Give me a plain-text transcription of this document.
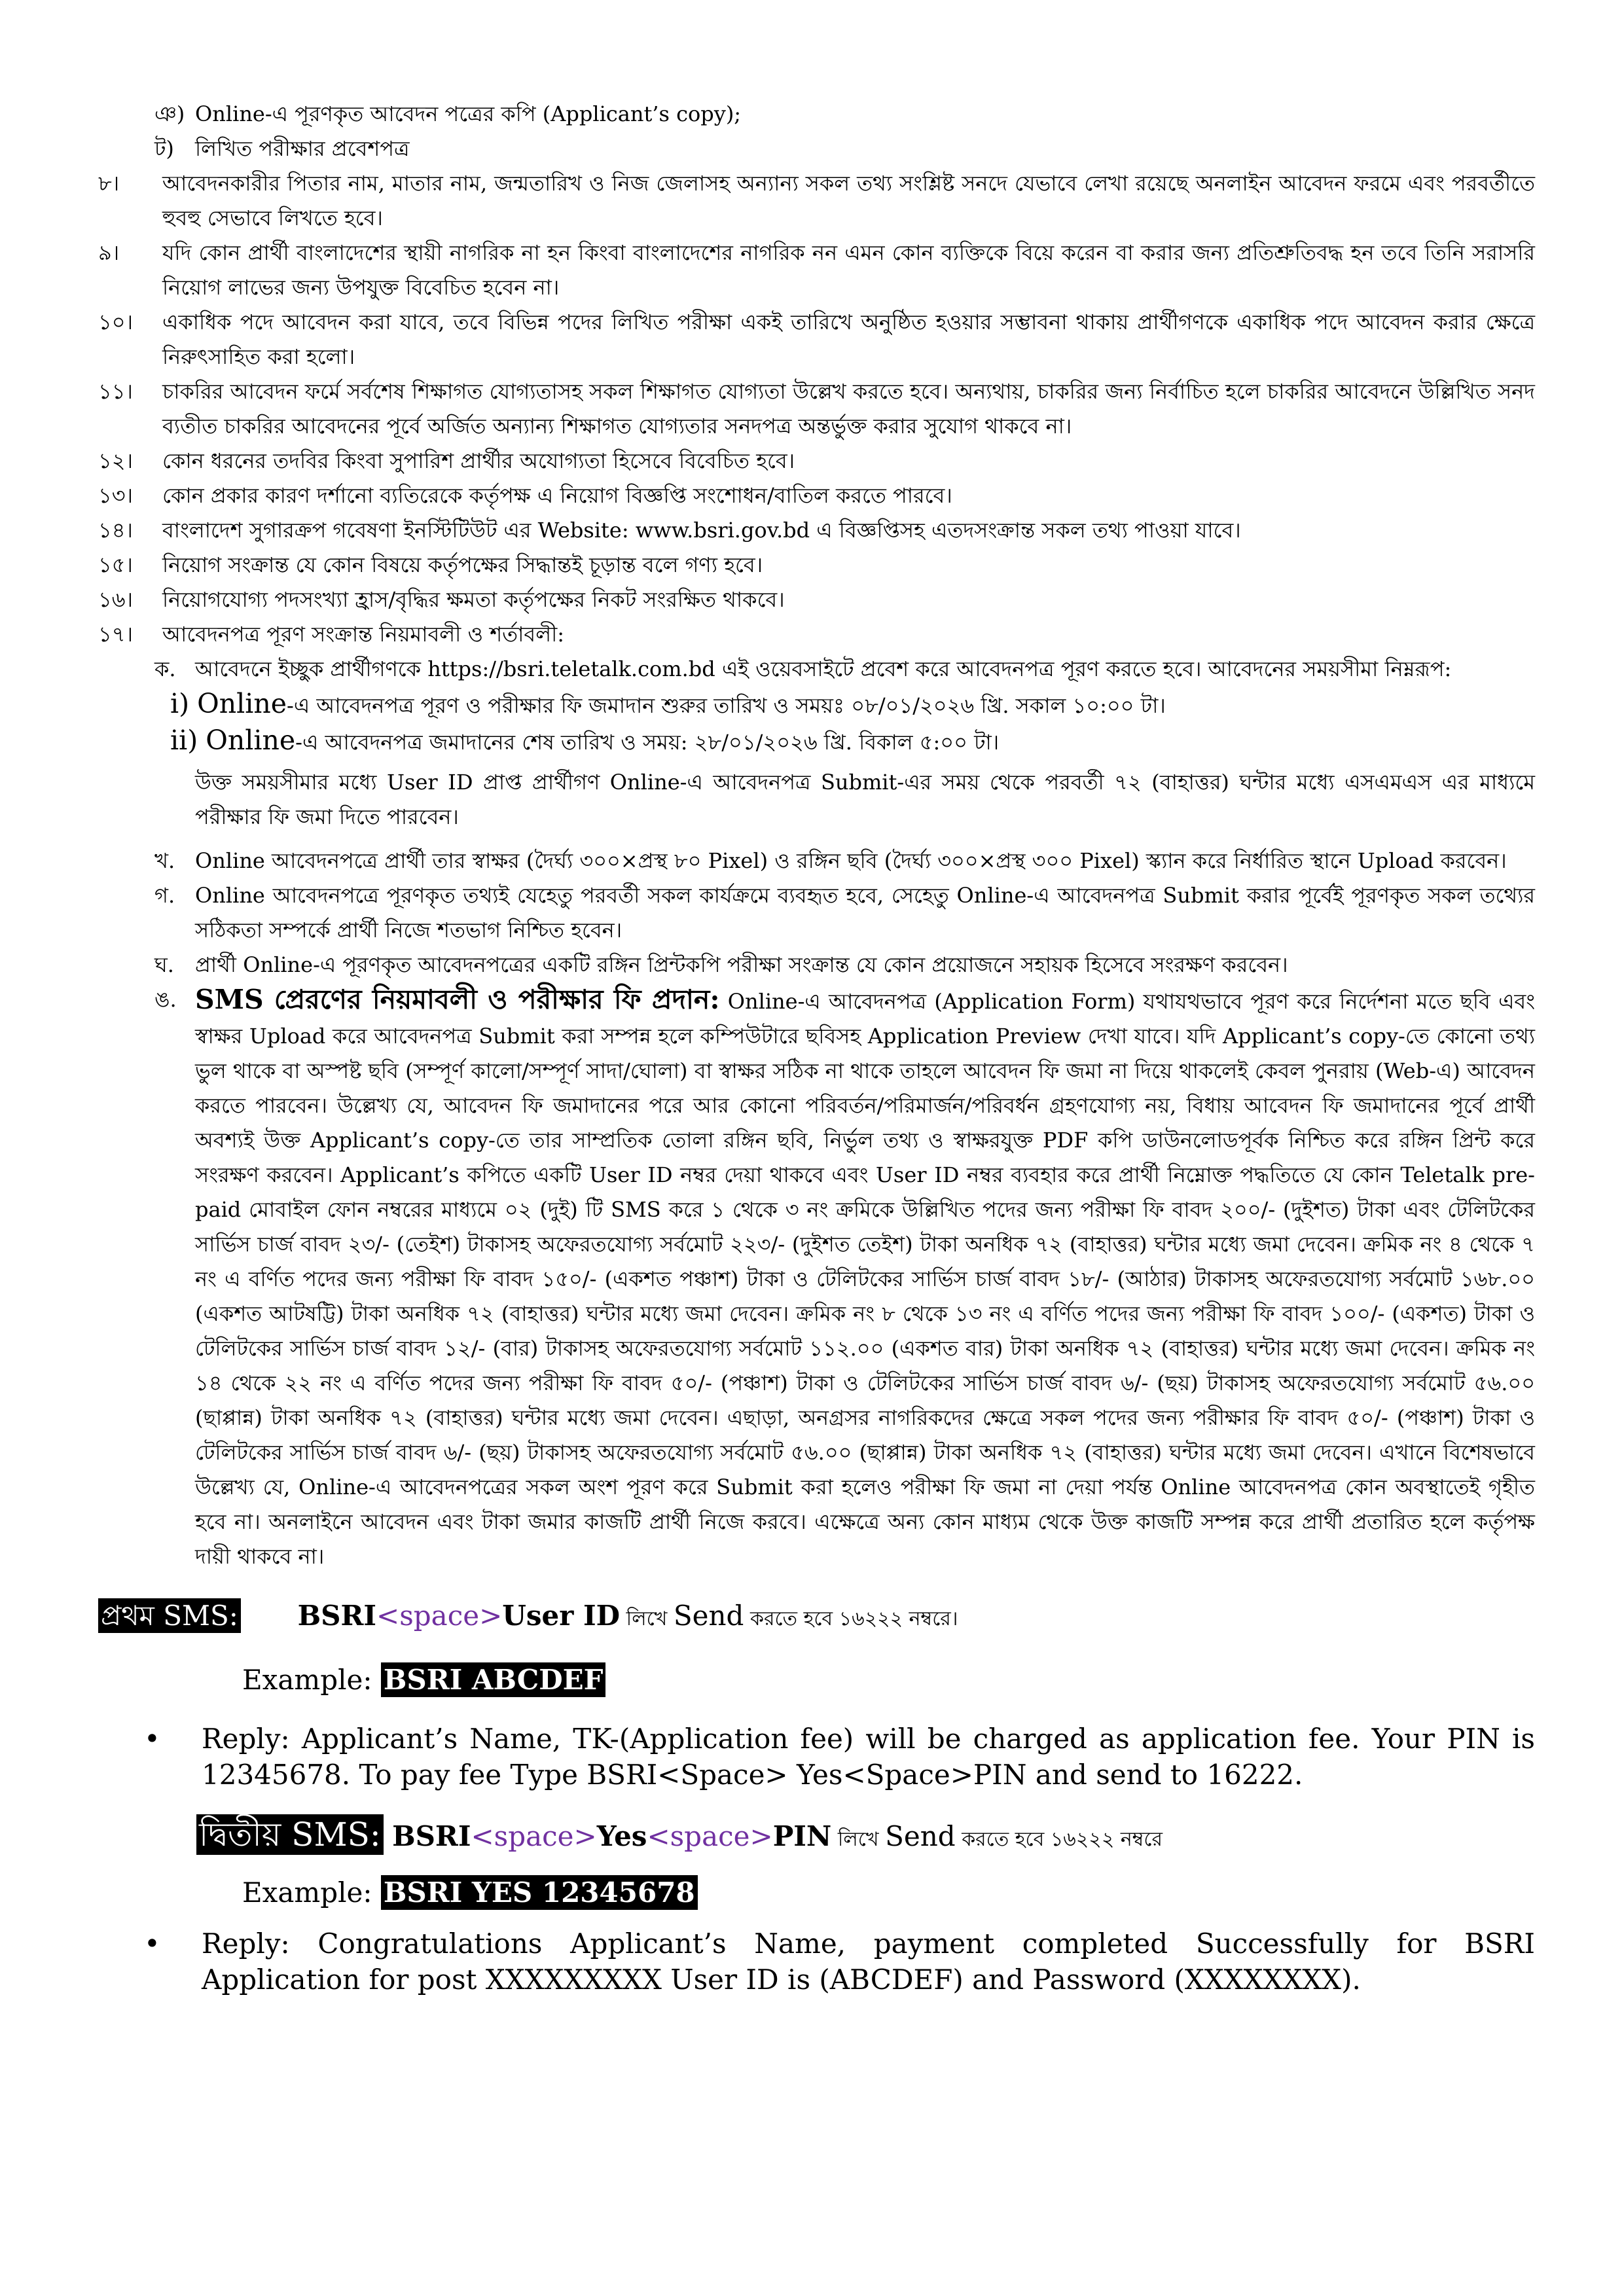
ঞ) Online-এ পূরণকৃত আবেদন পত্রের কপি (Applicant’s copy);
ট)	লিখিত পরীক্ষার প্রবেশপত্র
৮।	আবেদনকারীর পিতার নাম, মাতার নাম, জন্মতারিখ ও নিজ জেলাসহ অন্যান্য সকল তথ্য সংশ্লিষ্ট সনদে যেভাবে লেখা রয়েছে অনলাইন আবেদন ফরমে এবং পরবর্তীতে হুবহু সেভাবে লিখতে হবে।
৯।	যদি কোন প্রার্থী বাংলাদেশের স্থায়ী নাগরিক না হন কিংবা বাংলাদেশের নাগরিক নন এমন কোন ব্যক্তিকে বিয়ে করেন বা করার জন্য প্রতিশ্রুতিবদ্ধ হন তবে তিনি সরাসরি নিয়োগ লাভের জন্য উপযুক্ত বিবেচিত হবেন না।
১০।	একাধিক পদে আবেদন করা যাবে, তবে বিভিন্ন পদের লিখিত পরীক্ষা একই তারিখে অনুষ্ঠিত হওয়ার সম্ভাবনা থাকায় প্রার্থীগণকে একাধিক পদে আবেদন করার ক্ষেত্রে নিরুৎসাহিত করা হলো।
১১।	চাকরির আবেদন ফর্মে সর্বশেষ শিক্ষাগত যোগ্যতাসহ সকল শিক্ষাগত যোগ্যতা উল্লেখ করতে হবে। অন্যথায়, চাকরির জন্য নির্বাচিত হলে চাকরির আবেদনে উল্লিখিত সনদ ব্যতীত চাকরির আবেদনের পূর্বে অর্জিত অন্যান্য শিক্ষাগত যোগ্যতার সনদপত্র অন্তর্ভুক্ত করার সুযোগ থাকবে না।
১২।	কোন ধরনের তদবির কিংবা সুপারিশ প্রার্থীর অযোগ্যতা হিসেবে বিবেচিত হবে।
১৩।	কোন প্রকার কারণ দর্শানো ব্যতিরেকে কর্তৃপক্ষ এ নিয়োগ বিজ্ঞপ্তি সংশোধন/বাতিল করতে পারবে।
১৪।	বাংলাদেশ সুগারক্রপ গবেষণা ইনস্টিটিউট এর Website: www.bsri.gov.bd এ বিজ্ঞপ্তিসহ এতদসংক্রান্ত সকল তথ্য পাওয়া যাবে।
১৫।	নিয়োগ সংক্রান্ত যে কোন বিষয়ে কর্তৃপক্ষের সিদ্ধান্তই চূড়ান্ত বলে গণ্য হবে।
১৬।	নিয়োগযোগ্য পদসংখ্যা হ্রাস/বৃদ্ধির ক্ষমতা কর্তৃপক্ষের নিকট সংরক্ষিত থাকবে।
১৭।	আবেদনপত্র পূরণ সংক্রান্ত নিয়মাবলী ও শর্তাবলী:
ক. আবেদনে ইচ্ছুক প্রার্থীগণকে https://bsri.teletalk.com.bd এই ওয়েবসাইটে প্রবেশ করে আবেদনপত্র পূরণ করতে হবে। আবেদনের সময়সীমা নিম্নরূপ:
i) Online-এ আবেদনপত্র পূরণ ও পরীক্ষার ফি জমাদান শুরুর তারিখ ও সময়ঃ ০৮/০১/২০২৬ খ্রি. সকাল ১০:০০ টা।
ii) Online-এ আবেদনপত্র জমাদানের শেষ তারিখ ও সময়: ২৮/০১/২০২৬ খ্রি. বিকাল ৫:০০ টা।
উক্ত সময়সীমার মধ্যে User ID প্রাপ্ত প্রার্থীগণ Online-এ আবেদনপত্র Submit-এর সময় থেকে পরবর্তী ৭২ (বাহাত্তর) ঘন্টার মধ্যে এসএমএস এর মাধ্যমে পরীক্ষার ফি জমা দিতে পারবেন।
খ. Online আবেদনপত্রে প্রার্থী তার স্বাক্ষর (দৈর্ঘ্য ৩০০×প্রস্থ ৮০ Pixel) ও রঙ্গিন ছবি (দৈর্ঘ্য ৩০০×প্রস্থ ৩০০ Pixel) স্ক্যান করে নির্ধারিত স্থানে Upload করবেন।
গ. Online আবেদনপত্রে পূরণকৃত তথ্যই যেহেতু পরবর্তী সকল কার্যক্রমে ব্যবহৃত হবে, সেহেতু Online-এ আবেদনপত্র Submit করার পূর্বেই পূরণকৃত সকল তথ্যের সঠিকতা সম্পর্কে প্রার্থী নিজে শতভাগ নিশ্চিত হবেন।
ঘ.	প্রার্থী Online-এ পূরণকৃত আবেদনপত্রের একটি রঙ্গিন প্রিন্টকপি পরীক্ষা সংক্রান্ত যে কোন প্রয়োজনে সহায়ক হিসেবে সংরক্ষণ করবেন।
ঙ. SMS প্রেরণের নিয়মাবলী ও পরীক্ষার ফি প্রদান: Online-এ আবেদনপত্র (Application Form) যথাযথভাবে পূরণ করে নির্দেশনা মতে ছবি এবং স্বাক্ষর Upload করে আবেদনপত্র Submit করা সম্পন্ন হলে কম্পিউটারে ছবিসহ Application Preview দেখা যাবে। যদি Applicant’s copy-তে কোনো তথ্য ভুল থাকে বা অস্পষ্ট ছবি (সম্পূর্ণ কালো/সম্পূর্ণ সাদা/ঘোলা) বা স্বাক্ষর সঠিক না থাকে তাহলে আবেদন ফি জমা না দিয়ে থাকলেই কেবল পুনরায় (Web-এ) আবেদন করতে পারবেন। উল্লেখ্য যে, আবেদন ফি জমাদানের পরে আর কোনো পরিবর্তন/পরিমার্জন/পরিবর্ধন গ্রহণযোগ্য নয়, বিধায় আবেদন ফি জমাদানের পূর্বে প্রার্থী অবশ্যই উক্ত Applicant’s copy-তে তার সাম্প্রতিক তোলা রঙ্গিন ছবি, নির্ভুল তথ্য ও স্বাক্ষরযুক্ত PDF কপি ডাউনলোডপূর্বক নিশ্চিত করে রঙ্গিন প্রিন্ট করে সংরক্ষণ করবেন। Applicant’s কপিতে একটি User ID নম্বর দেয়া থাকবে এবং User ID নম্বর ব্যবহার করে প্রার্থী নিম্নোক্ত পদ্ধতিতে যে কোন Teletalk pre-paid মোবাইল ফোন নম্বরের মাধ্যমে ০২ (দুই) টি SMS করে ১ থেকে ৩ নং ক্রমিকে উল্লিখিত পদের জন্য পরীক্ষা ফি বাবদ ২০০/- (দুইশত) টাকা এবং টেলিটকের সার্ভিস চার্জ বাবদ ২৩/- (তেইশ) টাকাসহ অফেরতযোগ্য সর্বমোট ২২৩/- (দুইশত তেইশ) টাকা অনধিক ৭২ (বাহাত্তর) ঘন্টার মধ্যে জমা দেবেন। ক্রমিক নং ৪ থেকে ৭ নং এ বর্ণিত পদের জন্য পরীক্ষা ফি বাবদ ১৫০/- (একশত পঞ্চাশ) টাকা ও টেলিটকের সার্ভিস চার্জ বাবদ ১৮/- (আঠার) টাকাসহ অফেরতযোগ্য সর্বমোট ১৬৮.০০ (একশত আটষট্টি) টাকা অনধিক ৭২ (বাহাত্তর) ঘন্টার মধ্যে জমা দেবেন। ক্রমিক নং ৮ থেকে ১৩ নং এ বর্ণিত পদের জন্য পরীক্ষা ফি বাবদ ১০০/- (একশত) টাকা ও টেলিটকের সার্ভিস চার্জ বাবদ ১২/- (বার) টাকাসহ অফেরতযোগ্য সর্বমোট ১১২.০০ (একশত বার) টাকা অনধিক ৭২ (বাহাত্তর) ঘন্টার মধ্যে জমা দেবেন। ক্রমিক নং ১৪ থেকে ২২ নং এ বর্ণিত পদের জন্য পরীক্ষা ফি বাবদ ৫০/- (পঞ্চাশ) টাকা ও টেলিটকের সার্ভিস চার্জ বাবদ ৬/- (ছয়) টাকাসহ অফেরতযোগ্য সর্বমোট ৫৬.০০ (ছাপ্পান্ন) টাকা অনধিক ৭২ (বাহাত্তর) ঘন্টার মধ্যে জমা দেবেন। এছাড়া, অনগ্রসর নাগরিকদের ক্ষেত্রে সকল পদের জন্য পরীক্ষার ফি বাবদ ৫০/- (পঞ্চাশ) টাকা ও টেলিটকের সার্ভিস চার্জ বাবদ ৬/- (ছয়) টাকাসহ অফেরতযোগ্য সর্বমোট ৫৬.০০ (ছাপ্পান্ন) টাকা অনধিক ৭২ (বাহাত্তর) ঘন্টার মধ্যে জমা দেবেন। এখানে বিশেষভাবে উল্লেখ্য যে, Online-এ আবেদনপত্রের সকল অংশ পূরণ করে Submit করা হলেও পরীক্ষা ফি জমা না দেয়া পর্যন্ত Online আবেদনপত্র কোন অবস্থাতেই গৃহীত হবে না। অনলাইনে আবেদন এবং টাকা জমার কাজটি প্রার্থী নিজে করবে। এক্ষেত্রে অন্য কোন মাধ্যম থেকে উক্ত কাজটি সম্পন্ন করে প্রার্থী প্রতারিত হলে কর্তৃপক্ষ দায়ী থাকবে না।
প্রথম SMS: BSRI<space>User ID লিখে Send করতে হবে ১৬২২২ নম্বরে।
Example: BSRI ABCDEF
•	Reply: Applicant’s Name, TK-(Application fee) will be charged as application fee. Your PIN is 12345678. To pay fee Type BSRI<Space> Yes<Space>PIN and send to 16222.
দ্বিতীয় SMS: BSRI<space>Yes<space>PIN লিখে Send করতে হবে ১৬২২২ নম্বরে
Example: BSRI YES 12345678
•	Reply: Congratulations Applicant’s Name, payment completed Successfully for BSRI Application for post XXXXXXXXX User ID is (ABCDEF) and Password (XXXXXXXX).
